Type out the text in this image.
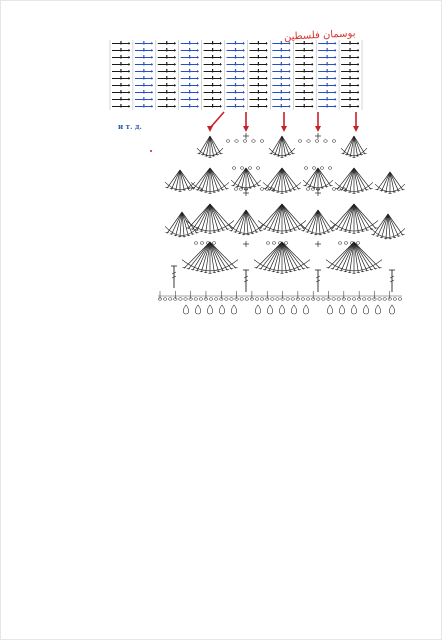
بوسمان فلسطين
и т. д.
